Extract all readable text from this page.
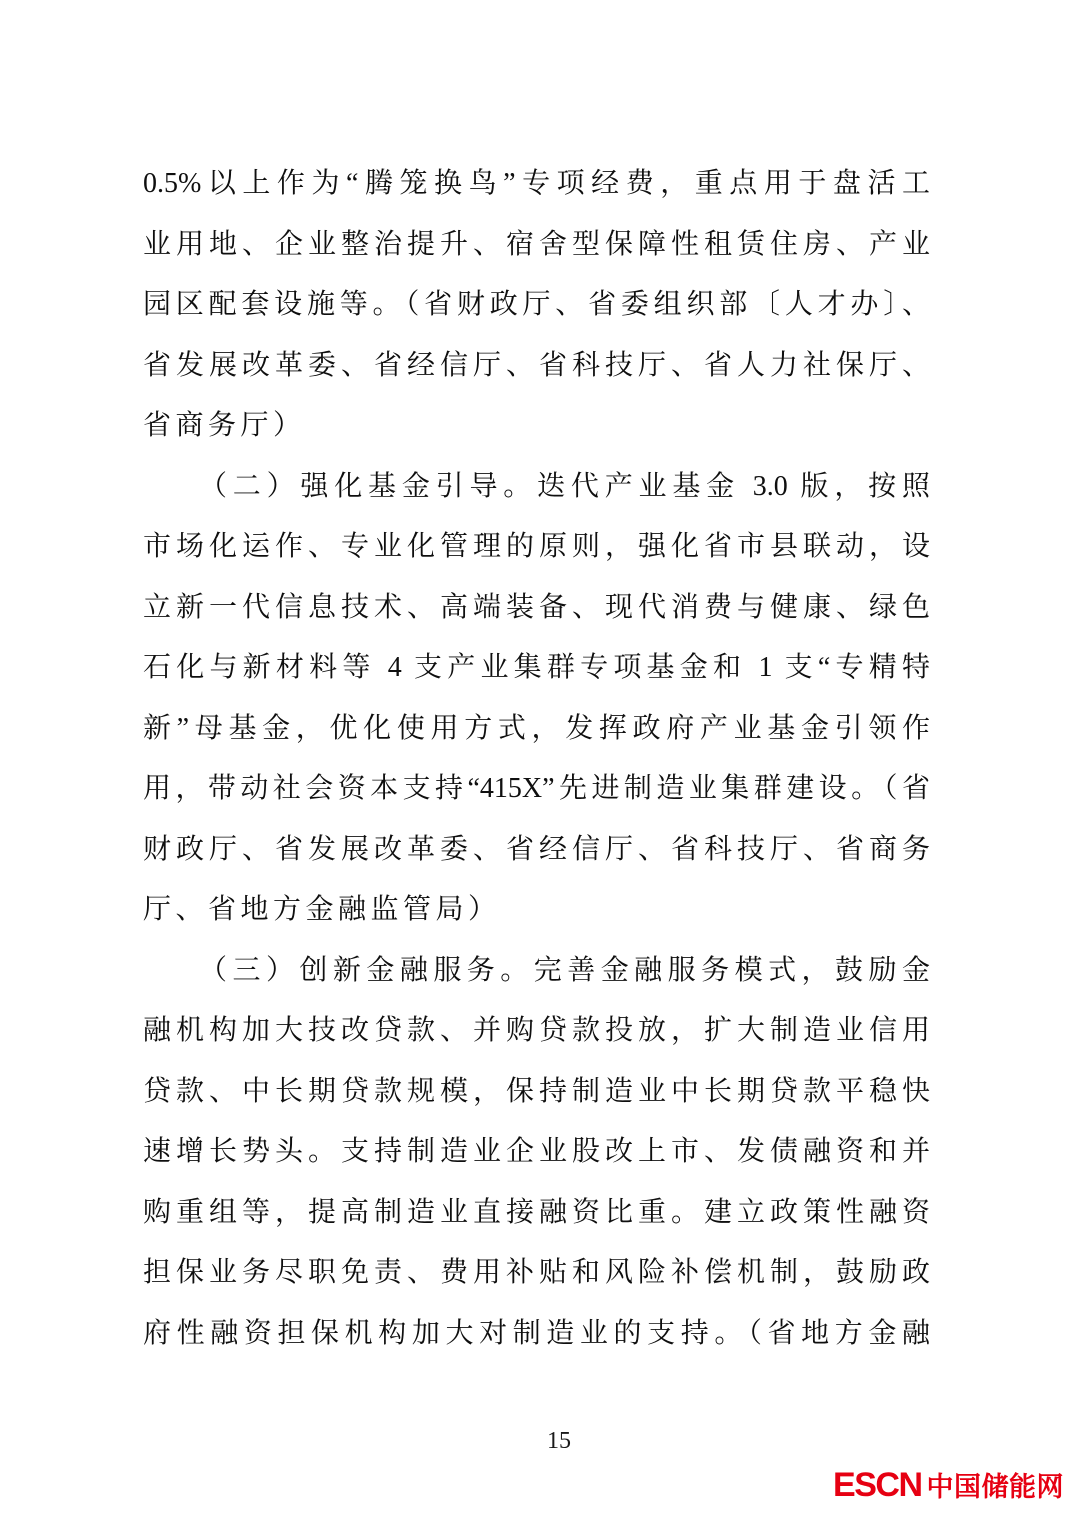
0.5%以上作为“腾笼换鸟”专项经费，重点用于盘活工
业用地、企业整治提升、宿舍型保障性租赁住房、产业
园区配套设施等。（省财政厅、省委组织部〔人才办〕、
省发展改革委、省经信厅、省科技厅、省人力社保厅、
省商务厅）
（二）强化基金引导。迭代产业基金 3.0 版，按照
市场化运作、专业化管理的原则，强化省市县联动，设
立新一代信息技术、高端装备、现代消费与健康、绿色
石化与新材料等 4 支产业集群专项基金和 1 支“专精特
新”母基金，优化使用方式，发挥政府产业基金引领作
用，带动社会资本支持“415X”先进制造业集群建设。（省
财政厅、省发展改革委、省经信厅、省科技厅、省商务
厅、省地方金融监管局）
（三）创新金融服务。完善金融服务模式，鼓励金
融机构加大技改贷款、并购贷款投放，扩大制造业信用
贷款、中长期贷款规模，保持制造业中长期贷款平稳快
速增长势头。支持制造业企业股改上市、发债融资和并
购重组等，提高制造业直接融资比重。建立政策性融资
担保业务尽职免责、费用补贴和风险补偿机制，鼓励政
府性融资担保机构加大对制造业的支持。（省地方金融
15
ESCN 中国储能网
